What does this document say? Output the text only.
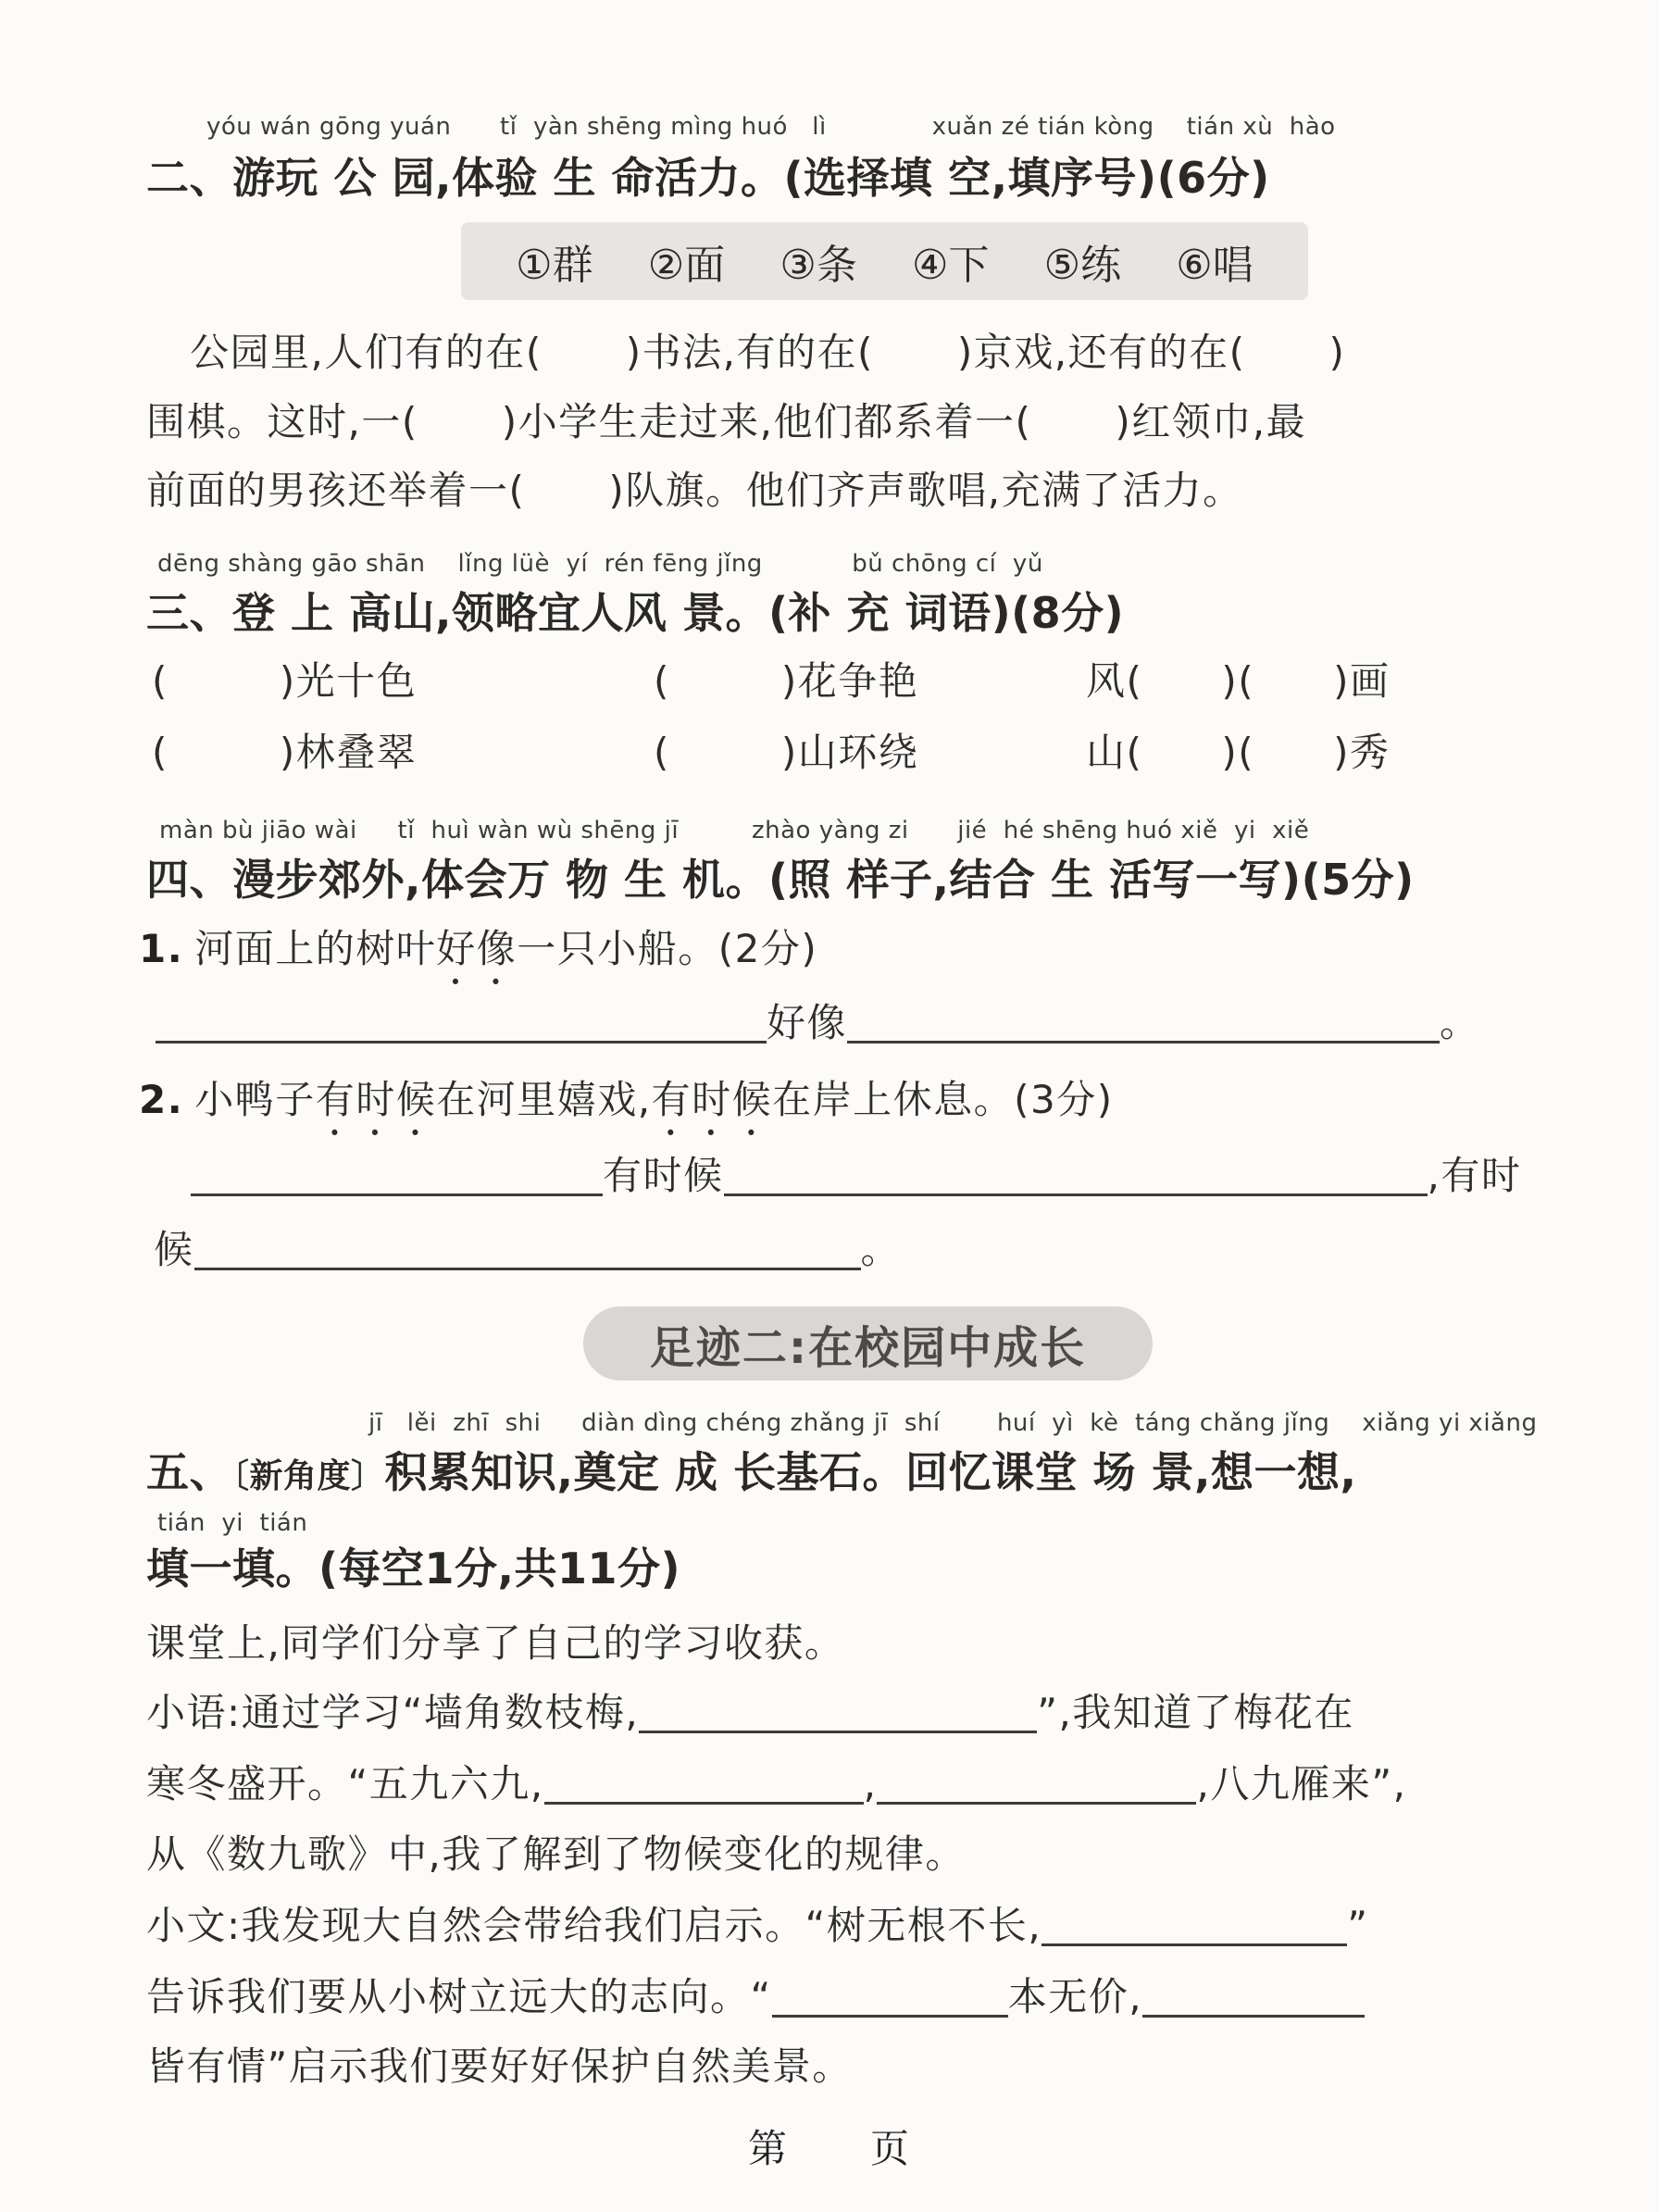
yóu wán gōng yuán      tǐ  yàn shēng mìng huó   lì             xuǎn zé tián kòng    tián xù  hào
二、游玩 公 园,体验 生 命活力。(选择填 空,填序号)(6分)
①群 ②面 ③条 ④下 ⑤练 ⑥唱
公园里,人们有的在( )书法,有的在( )京戏,还有的在( )
围棋。这时,一( )小学生走过来,他们都系着一( )红领巾,最
前面的男孩还举着一( )队旗。他们齐声歌唱,充满了活力。
dēng shàng gāo shān    lǐng lüè  yí  rén fēng jǐng           bǔ chōng cí  yǔ
三、登 上 高山,领略宜人风 景。(补 充 词语)(8分)
(	)光十色	(	)花争艳	风( )( )画
(	)林叠翠	(	)山环绕	山( )( )秀
màn bù jiāo wài     tǐ  huì wàn wù shēng jī         zhào yàng zi      jié  hé shēng huó xiě  yi  xiě
四、漫步郊外,体会万 物 生 机。(照 样子,结合 生 活写一写)(5分)
1. 河面上的树叶好像一只小船。(2分)
好像	。
2. 小鸭子有时候在河里嬉戏,有时候在岸上休息。(3分)
有时候	,有时
候	。
足迹二:在校园中成长
jī   lěi  zhī  shi     diàn dìng chéng zhǎng jī  shí       huí  yì  kè  táng chǎng jǐng    xiǎng yi xiǎng
五、〔新角度〕积累知识,奠定 成 长基石。回忆课堂 场 景,想一想,
tián  yi  tián
填一填。(每空1分,共11分)
课堂上,同学们分享了自己的学习收获。
小语:通过学习“墙角数枝梅,	”,我知道了梅花在
寒冬盛开。“五九六九,	,	,八九雁来”,
从《数九歌》中,我了解到了物候变化的规律。
小文:我发现大自然会带给我们启示。“树无根不长,	”
告诉我们要从小树立远大的志向。“	本无价,
皆有情”启示我们要好好保护自然美景。
第　　页
